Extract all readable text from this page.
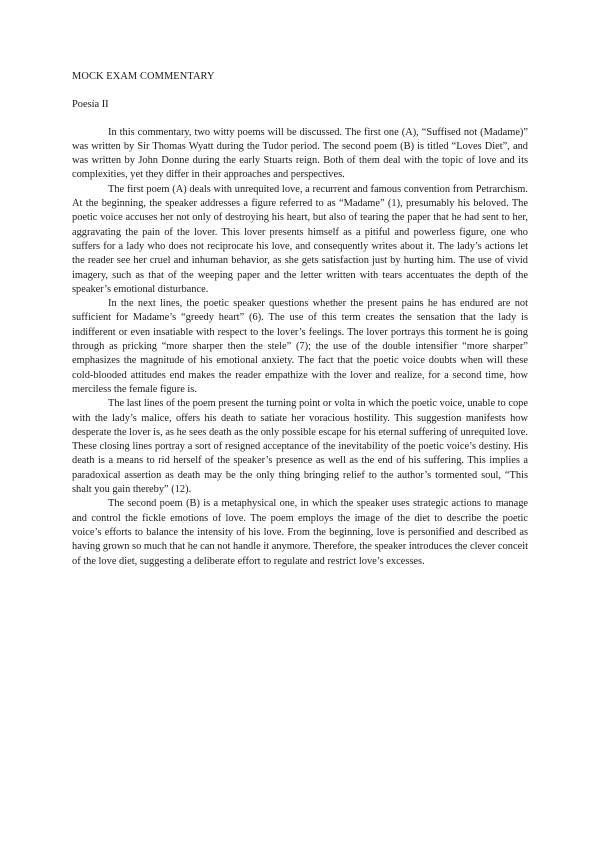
MOCK EXAM COMMENTARY

Poesía II

In this commentary, two witty poems will be discussed. The first one (A), “Suffised not (Madame)” was written by Sir Thomas Wyatt during the Tudor period. The second poem (B) is titled “Loves Diet”, and was written by John Donne during the early Stuarts reign. Both of them deal with the topic of love and its complexities, yet they differ in their approaches and perspectives.

The first poem (A) deals with unrequited love, a recurrent and famous convention from Petrarchism. At the beginning, the speaker addresses a figure referred to as “Madame” (1), presumably his beloved. The poetic voice accuses her not only of destroying his heart, but also of tearing the paper that he had sent to her, aggravating the pain of the lover. This lover presents himself as a pitiful and powerless figure, one who suffers for a lady who does not reciprocate his love, and consequently writes about it. The lady’s actions let the reader see her cruel and inhuman behavior, as she gets satisfaction just by hurting him. The use of vivid imagery, such as that of the weeping paper and the letter written with tears accentuates the depth of the speaker’s emotional disturbance.

In the next lines, the poetic speaker questions whether the present pains he has endured are not sufficient for Madame’s “greedy heart” (6). The use of this term creates the sensation that the lady is indifferent or even insatiable with respect to the lover’s feelings. The lover portrays this torment he is going through as pricking “more sharper then the stele” (7); the use of the double intensifier “more sharper” emphasizes the magnitude of his emotional anxiety. The fact that the poetic voice doubts when will these cold-blooded attitudes end makes the reader empathize with the lover and realize, for a second time, how merciless the female figure is.

The last lines of the poem present the turning point or volta in which the poetic voice, unable to cope with the lady’s malice, offers his death to satiate her voracious hostility. This suggestion manifests how desperate the lover is, as he sees death as the only possible escape for his eternal suffering of unrequited love. These closing lines portray a sort of resigned acceptance of the inevitability of the poetic voice’s destiny. His death is a means to rid herself of the speaker’s presence as well as the end of his suffering. This implies a paradoxical assertion as death may be the only thing bringing relief to the author’s tormented soul, “This shalt you gain thereby” (12).

The second poem (B) is a metaphysical one, in which the speaker uses strategic actions to manage and control the fickle emotions of love. The poem employs the image of the diet to describe the poetic voice’s efforts to balance the intensity of his love. From the beginning, love is personified and described as having grown so much that he can not handle it anymore. Therefore, the speaker introduces the clever conceit of the love diet, suggesting a deliberate effort to regulate and restrict love’s excesses.
